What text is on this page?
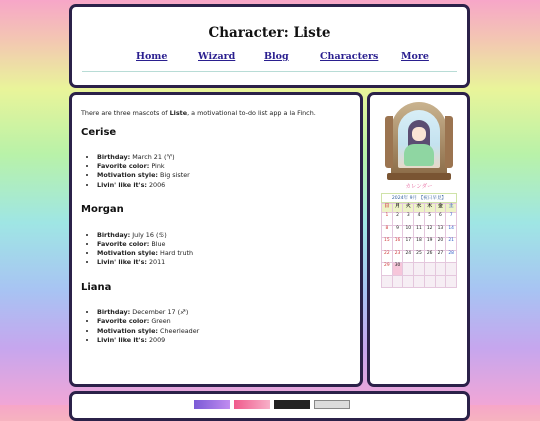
Character: Liste
Home	Wizard	Blog	Characters More

There are three mascots of Liste, a motivational to-do list app a la Finch.

Cerise
• Birthday: March 21 (♈)
• Favorite color: Pink
• Motivation style: Big sister
• Livin' like it's: 2006
Morgan
• Birthday: July 16 (♋)
• Favorite color: Blue
• Motivation style: Hard truth
• Livin' like it's: 2011
Liana
• Birthday: December 17 (♐)
• Favorite color: Green
• Motivation style: Cheerleader
• Livin' like it's: 2009
カレンダー
2024年 9月 【祝日早見】
日	月	火	水	木	金	土
1	2	3	4	5	6	7
8	9	10	11	12	13	14
15	16	17	18	19	20	21
22	23	24	25	26	27	28
29	30					
